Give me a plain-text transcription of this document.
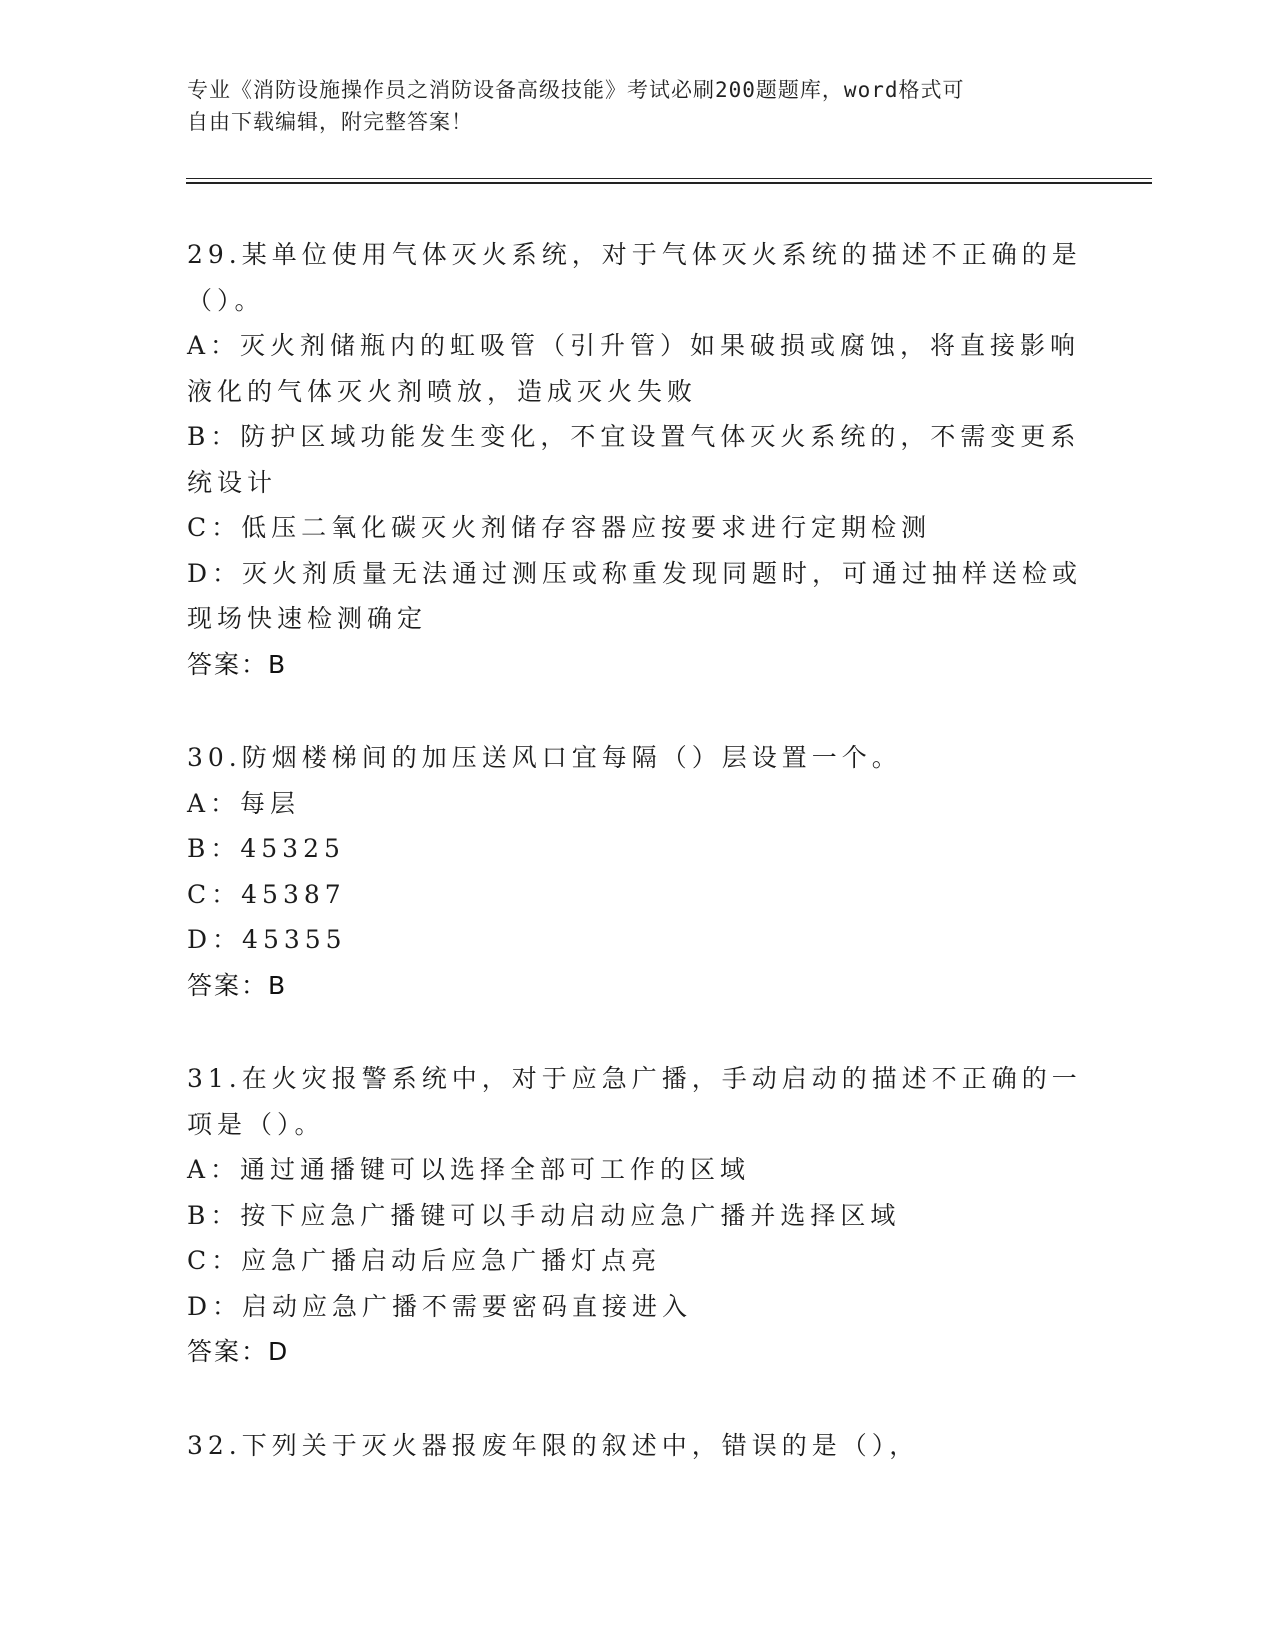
专业《消防设施操作员之消防设备高级技能》考试必刷200题题库，word格式可
自由下载编辑，附完整答案！

29.某单位使用气体灭火系统，对于气体灭火系统的描述不正确的是（）。

A：灭火剂储瓶内的虹吸管（引升管）如果破损或腐蚀，将直接影响液化的气体灭火剂喷放，造成灭火失败

B：防护区域功能发生变化，不宜设置气体灭火系统的，不需变更系统设计

C：低压二氧化碳灭火剂储存容器应按要求进行定期检测

D：灭火剂质量无法通过测压或称重发现同题时，可通过抽样送检或现场快速检测确定

答案：B

30.防烟楼梯间的加压送风口宜每隔（）层设置一个。

A：每层

B：45325

C：45387

D：45355

答案：B

31.在火灾报警系统中，对于应急广播，手动启动的描述不正确的一项是（）。

A：通过通播键可以选择全部可工作的区域

B：按下应急广播键可以手动启动应急广播并选择区域

C：应急广播启动后应急广播灯点亮

D：启动应急广播不需要密码直接进入

答案：D

32.下列关于灭火器报废年限的叙述中，错误的是（），
